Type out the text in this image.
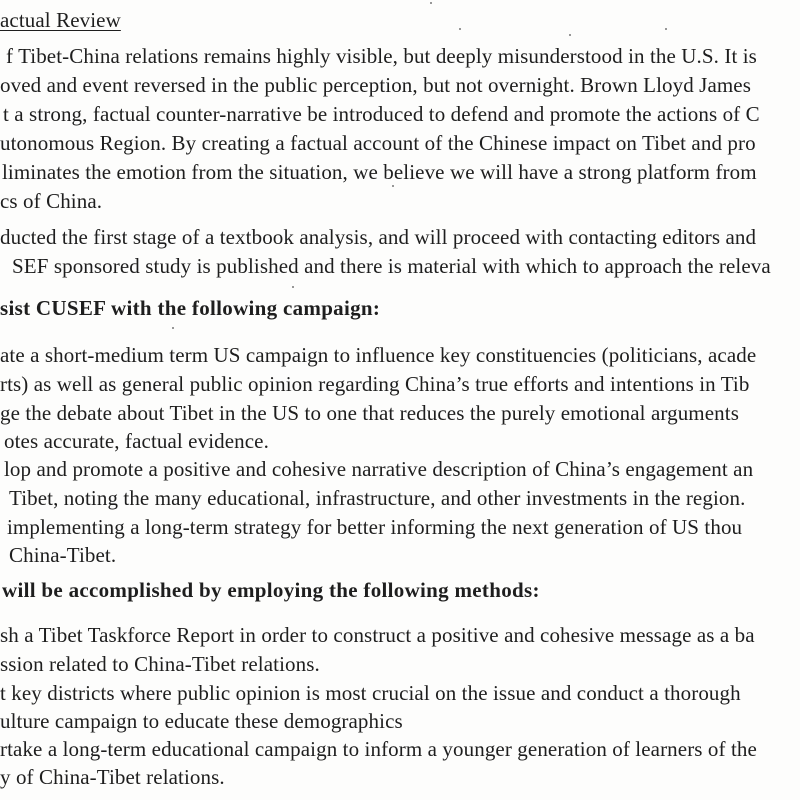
actual Review
f Tibet-China relations remains highly visible, but deeply misunderstood in the U.S. It is
oved and event reversed in the public perception, but not overnight. Brown Lloyd James
t a strong, factual counter-narrative be introduced to defend and promote the actions of C
utonomous Region. By creating a factual account of the Chinese impact on Tibet and pro
liminates the emotion from the situation, we believe we will have a strong platform from
cs of China.
ducted the first stage of a textbook analysis, and will proceed with contacting editors and
SEF sponsored study is published and there is material with which to approach the releva
sist CUSEF with the following campaign:
ate a short-medium term US campaign to influence key constituencies (politicians, acade
rts) as well as general public opinion regarding China’s true efforts and intentions in Tib
ge the debate about Tibet in the US to one that reduces the purely emotional arguments
otes accurate, factual evidence.
lop and promote a positive and cohesive narrative description of China’s engagement an
Tibet, noting the many educational, infrastructure, and other investments in the region.
implementing a long-term strategy for better informing the next generation of US thou
China-Tibet.
will be accomplished by employing the following methods:
sh a Tibet Taskforce Report in order to construct a positive and cohesive message as a ba
ssion related to China-Tibet relations.
t key districts where public opinion is most crucial on the issue and conduct a thorough
ulture campaign to educate these demographics
rtake a long-term educational campaign to inform a younger generation of learners of the
y of China-Tibet relations.
